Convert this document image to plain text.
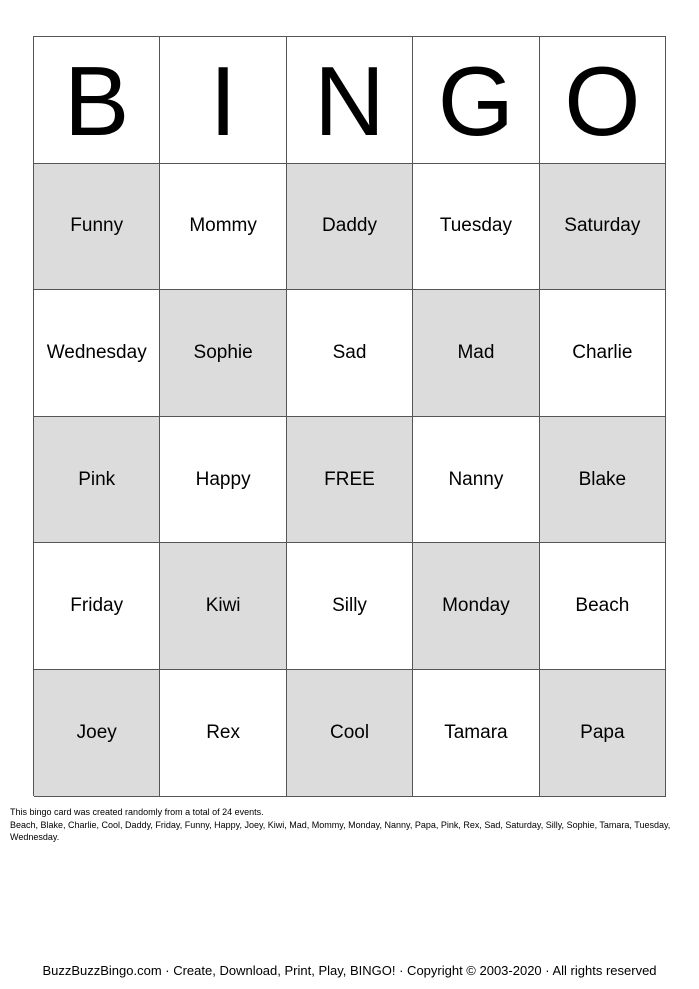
B I N G O
Funny	Mommy	Daddy	Tuesday	Saturday
Wednesday	Sophie	Sad	Mad	Charlie
Pink	Happy	FREE	Nanny	Blake
Friday	Kiwi	Silly	Monday	Beach
Joey	Rex	Cool	Tamara	Papa
This bingo card was created randomly from a total of 24 events.
Beach, Blake, Charlie, Cool, Daddy, Friday, Funny, Happy, Joey, Kiwi, Mad, Mommy, Monday, Nanny, Papa, Pink, Rex, Sad, Saturday, Silly, Sophie, Tamara, Tuesday, Wednesday.
BuzzBuzzBingo.com · Create, Download, Print, Play, BINGO! · Copyright © 2003-2020 · All rights reserved
